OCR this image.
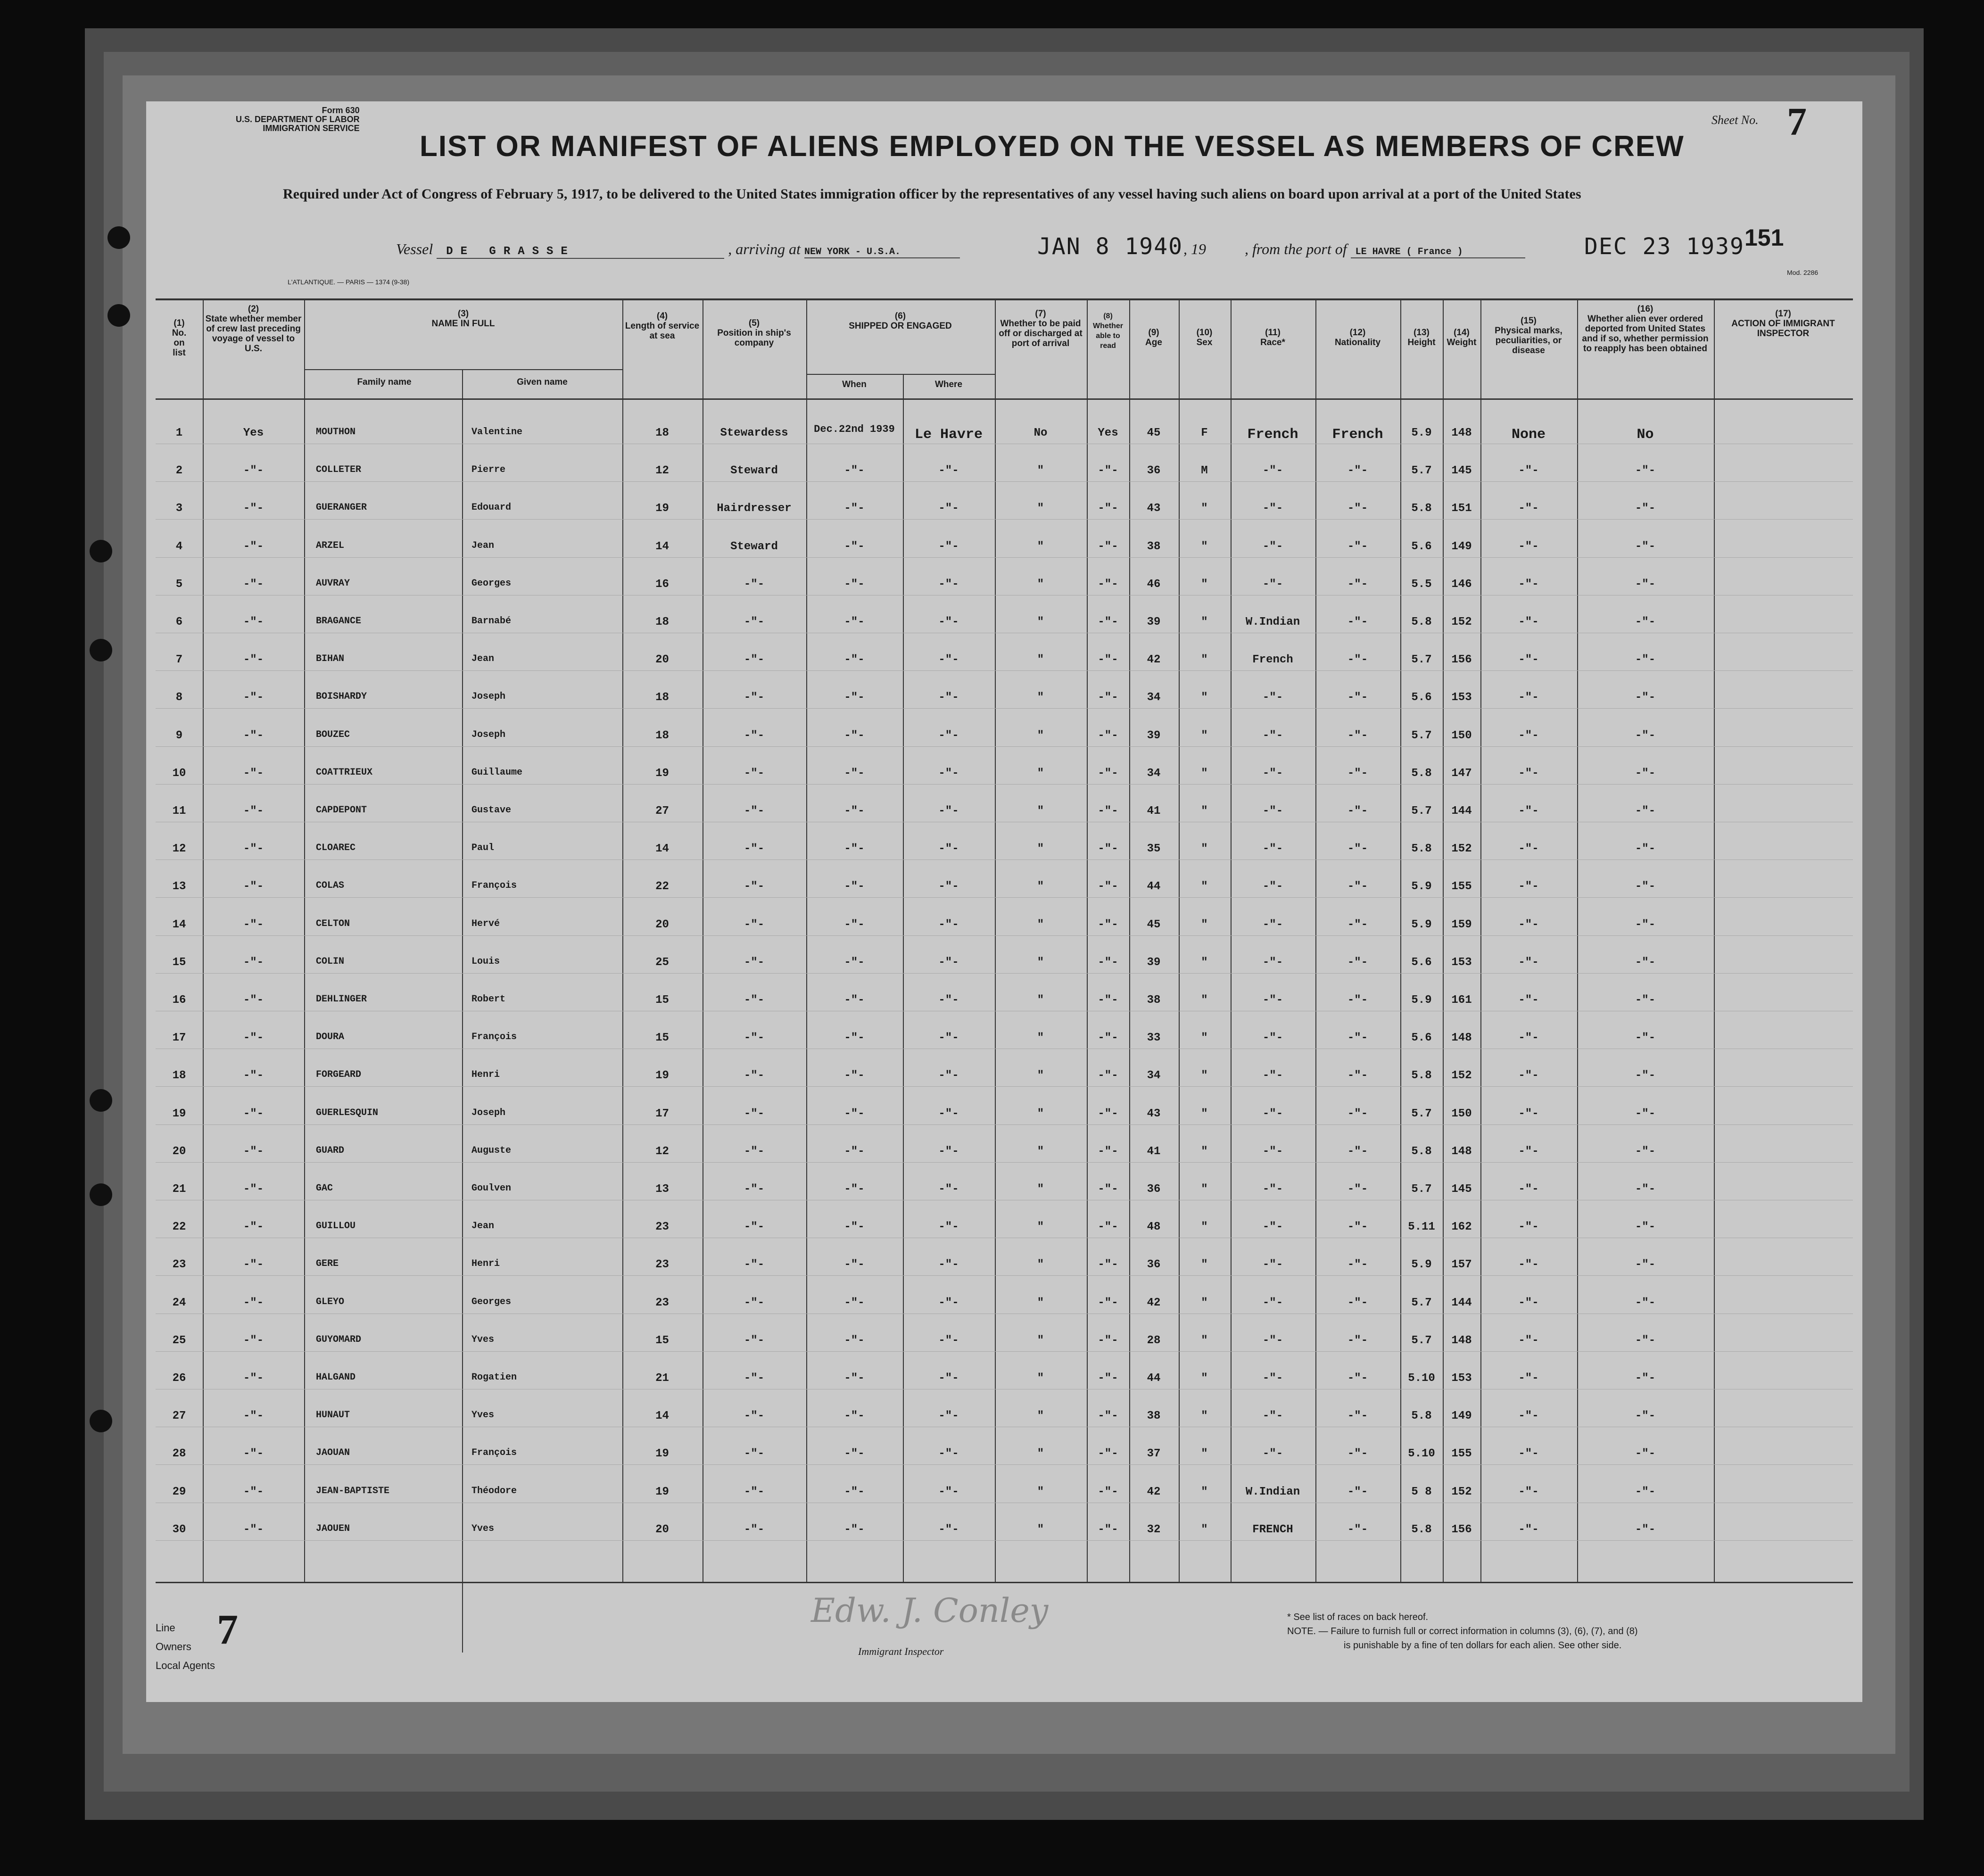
Form 630
U.S. DEPARTMENT OF LABOR
IMMIGRATION SERVICE
Sheet No. 7
LIST OR MANIFEST OF ALIENS EMPLOYED ON THE VESSEL AS MEMBERS OF CREW
Required under Act of Congress of February 5, 1917, to be delivered to the United States immigration officer by the representatives of any vessel having such aliens on board upon arrival at a port of the United States
Vessel DE GRASSE	, arriving at NEW YORK - U.S.A.	JAN 8 1940 , 19	, from the port of LE HAVRE ( France )	DEC 23 1939 151
L'ATLANTIQUE. — PARIS — 1374 (9-38)
Mod. 2286
(1)
No.
on
list
(2)
State whether member of crew last preceding voyage of vessel to U.S.
(3)
NAME IN FULL
Family name	Given name
(4)
Length of service at sea
(5)
Position in ship's company
(6)
SHIPPED OR ENGAGED
When	Where
(7)
Whether to be paid off or discharged at port of arrival
(8)
Whether able to read
(9)
Age
(10)
Sex
(11)
Race*
(12)
Nationality
(13)
Height
(14)
Weight
(15)
Physical marks, peculiarities, or disease
(16)
Whether alien ever ordered deported from United States and if so, whether permission to reapply has been obtained
(17)
ACTION OF IMMIGRANT INSPECTOR
1	Yes	MOUTHON	Valentine	18	Stewardess	Dec.22nd 1939	Le Havre	No	Yes	45	F	French	French	5.9	148	None	No
2	-"-	COLLETER	Pierre	12	Steward	-"-	-"-	"	-"-	36	M	-"-	-"-	5.7	145	-"-	-"-
3	-"-	GUERANGER	Edouard	19	Hairdresser	-"-	-"-	"	-"-	43	"	-"-	-"-	5.8	151	-"-	-"-
4	-"-	ARZEL	Jean	14	Steward	-"-	-"-	"	-"-	38	"	-"-	-"-	5.6	149	-"-	-"-
5	-"-	AUVRAY	Georges	16	-"-	-"-	-"-	"	-"-	46	"	-"-	-"-	5.5	146	-"-	-"-
6	-"-	BRAGANCE	Barnabé	18	-"-	-"-	-"-	"	-"-	39	"	W.Indian	-"-	5.8	152	-"-	-"-
7	-"-	BIHAN	Jean	20	-"-	-"-	-"-	"	-"-	42	"	French	-"-	5.7	156	-"-	-"-
8	-"-	BOISHARDY	Joseph	18	-"-	-"-	-"-	"	-"-	34	"	-"-	-"-	5.6	153	-"-	-"-
9	-"-	BOUZEC	Joseph	18	-"-	-"-	-"-	"	-"-	39	"	-"-	-"-	5.7	150	-"-	-"-
10	-"-	COATTRIEUX	Guillaume	19	-"-	-"-	-"-	"	-"-	34	"	-"-	-"-	5.8	147	-"-	-"-
11	-"-	CAPDEPONT	Gustave	27	-"-	-"-	-"-	"	-"-	41	"	-"-	-"-	5.7	144	-"-	-"-
12	-"-	CLOAREC	Paul	14	-"-	-"-	-"-	"	-"-	35	"	-"-	-"-	5.8	152	-"-	-"-
13	-"-	COLAS	François	22	-"-	-"-	-"-	"	-"-	44	"	-"-	-"-	5.9	155	-"-	-"-
14	-"-	CELTON	Hervé	20	-"-	-"-	-"-	"	-"-	45	"	-"-	-"-	5.9	159	-"-	-"-
15	-"-	COLIN	Louis	25	-"-	-"-	-"-	"	-"-	39	"	-"-	-"-	5.6	153	-"-	-"-
16	-"-	DEHLINGER	Robert	15	-"-	-"-	-"-	"	-"-	38	"	-"-	-"-	5.9	161	-"-	-"-
17	-"-	DOURA	François	15	-"-	-"-	-"-	"	-"-	33	"	-"-	-"-	5.6	148	-"-	-"-
18	-"-	FORGEARD	Henri	19	-"-	-"-	-"-	"	-"-	34	"	-"-	-"-	5.8	152	-"-	-"-
19	-"-	GUERLESQUIN	Joseph	17	-"-	-"-	-"-	"	-"-	43	"	-"-	-"-	5.7	150	-"-	-"-
20	-"-	GUARD	Auguste	12	-"-	-"-	-"-	"	-"-	41	"	-"-	-"-	5.8	148	-"-	-"-
21	-"-	GAC	Goulven	13	-"-	-"-	-"-	"	-"-	36	"	-"-	-"-	5.7	145	-"-	-"-
22	-"-	GUILLOU	Jean	23	-"-	-"-	-"-	"	-"-	48	"	-"-	-"-	5.11	162	-"-	-"-
23	-"-	GERE	Henri	23	-"-	-"-	-"-	"	-"-	36	"	-"-	-"-	5.9	157	-"-	-"-
24	-"-	GLEYO	Georges	23	-"-	-"-	-"-	"	-"-	42	"	-"-	-"-	5.7	144	-"-	-"-
25	-"-	GUYOMARD	Yves	15	-"-	-"-	-"-	"	-"-	28	"	-"-	-"-	5.7	148	-"-	-"-
26	-"-	HALGAND	Rogatien	21	-"-	-"-	-"-	"	-"-	44	"	-"-	-"-	5.10	153	-"-	-"-
27	-"-	HUNAUT	Yves	14	-"-	-"-	-"-	"	-"-	38	"	-"-	-"-	5.8	149	-"-	-"-
28	-"-	JAOUAN	François	19	-"-	-"-	-"-	"	-"-	37	"	-"-	-"-	5.10	155	-"-	-"-
29	-"-	JEAN-BAPTISTE	Théodore	19	-"-	-"-	-"-	"	-"-	42	"	W.Indian	-"-	5 8	152	-"-	-"-
30	-"-	JAOUEN	Yves	20	-"-	-"-	-"-	"	-"-	32	"	FRENCH	-"-	5.8	156	-"-	-"-
Line
Owners
Local Agents
7	Edw. J. Conley
Immigrant Inspector
* See list of races on back hereof.
NOTE. — Failure to furnish full or correct information in columns (3), (6), (7), and (8)
is punishable by a fine of ten dollars for each alien. See other side.
